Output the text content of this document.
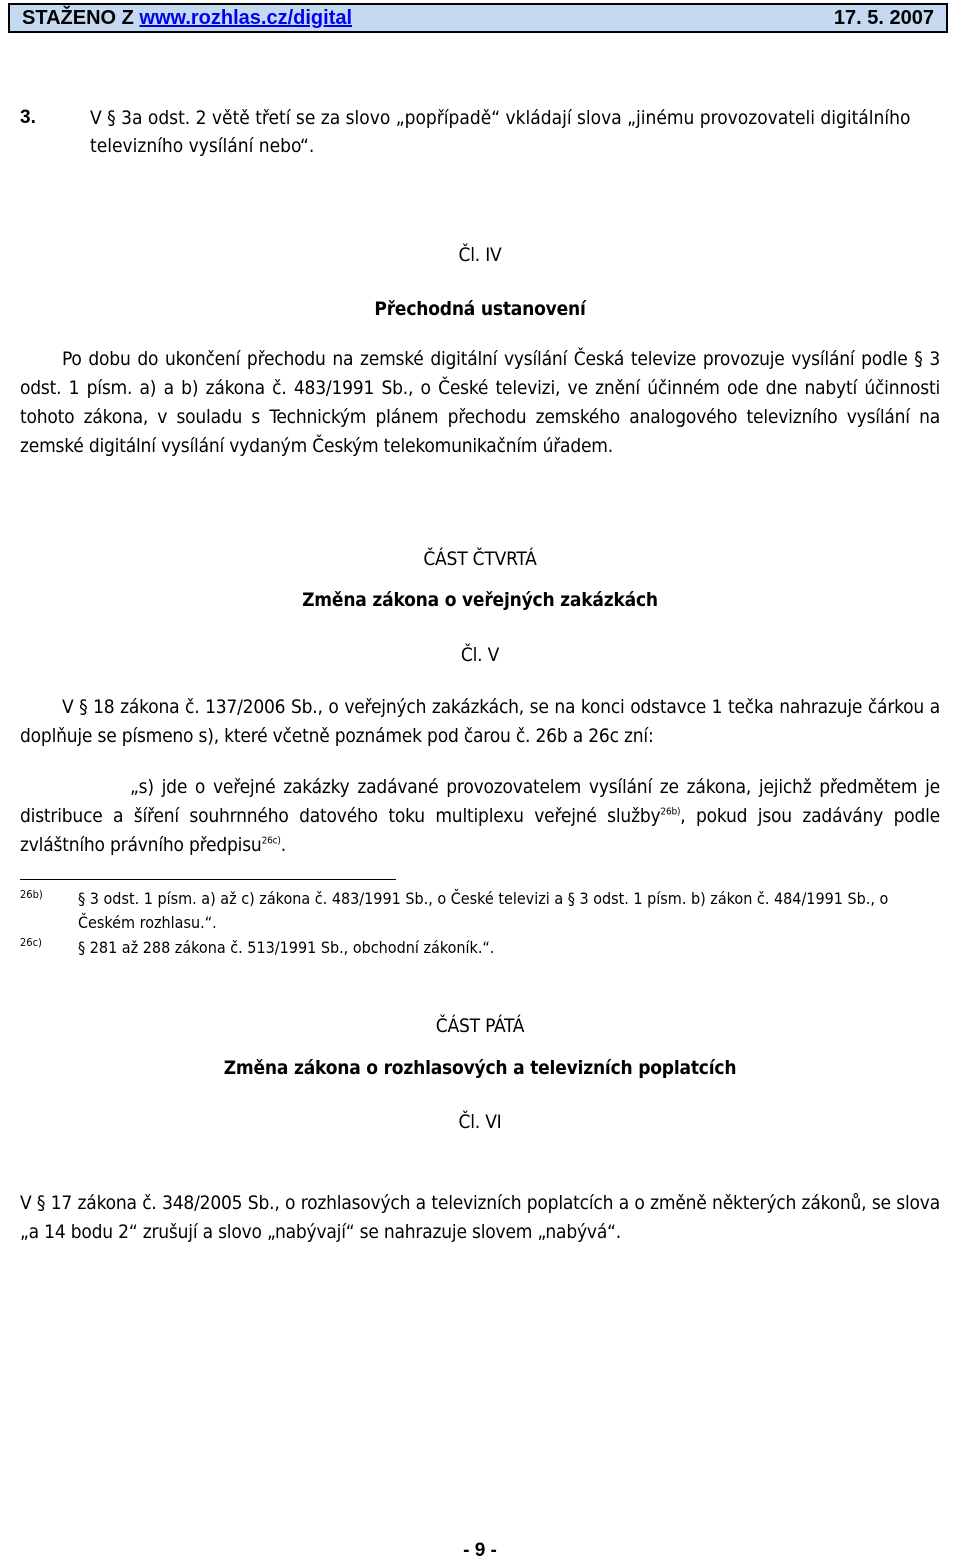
STAŽENO Z www.rozhlas.cz/digital	17. 5. 2007
3.	V § 3a odst. 2 větě třetí se za slovo „popřípadě“ vkládají slova „jinému provozovateli digitálního televizního vysílání nebo“.
Čl. IV
Přechodná ustanovení
Po dobu do ukončení přechodu na zemské digitální vysílání Česká televize provozuje vysílání podle § 3 odst. 1 písm. a) a b) zákona č. 483/1991 Sb., o České televizi, ve znění účinném ode dne nabytí účinnosti tohoto zákona, v souladu s Technickým plánem přechodu zemského analogového televizního vysílání na zemské digitální vysílání vydaným Českým telekomunikačním úřadem.
ČÁST ČTVRTÁ
Změna zákona o veřejných zakázkách
Čl. V
V § 18 zákona č. 137/2006 Sb., o veřejných zakázkách, se na konci odstavce 1 tečka nahrazuje čárkou a doplňuje se písmeno s), které včetně poznámek pod čarou č. 26b a 26c zní:
„s) jde o veřejné zakázky zadávané provozovatelem vysílání ze zákona, jejichž předmětem je distribuce a šíření souhrnného datového toku multiplexu veřejné služby$^{26b)}$, pokud jsou zadávány podle zvláštního právního předpisu$^{26c)}$.
26b) § 3 odst. 1 písm. a) až c) zákona č. 483/1991 Sb., o České televizi a § 3 odst. 1 písm. b) zákon č. 484/1991 Sb., o Českém rozhlasu.“.
26c) § 281 až 288 zákona č. 513/1991 Sb., obchodní zákoník.“.
ČÁST PÁTÁ
Změna zákona o rozhlasových a televizních poplatcích
Čl. VI
V § 17 zákona č. 348/2005 Sb., o rozhlasových a televizních poplatcích a o změně některých zákonů, se slova „a 14 bodu 2“ zrušují a slovo „nabývají“ se nahrazuje slovem „nabývá“.
- 9 -
